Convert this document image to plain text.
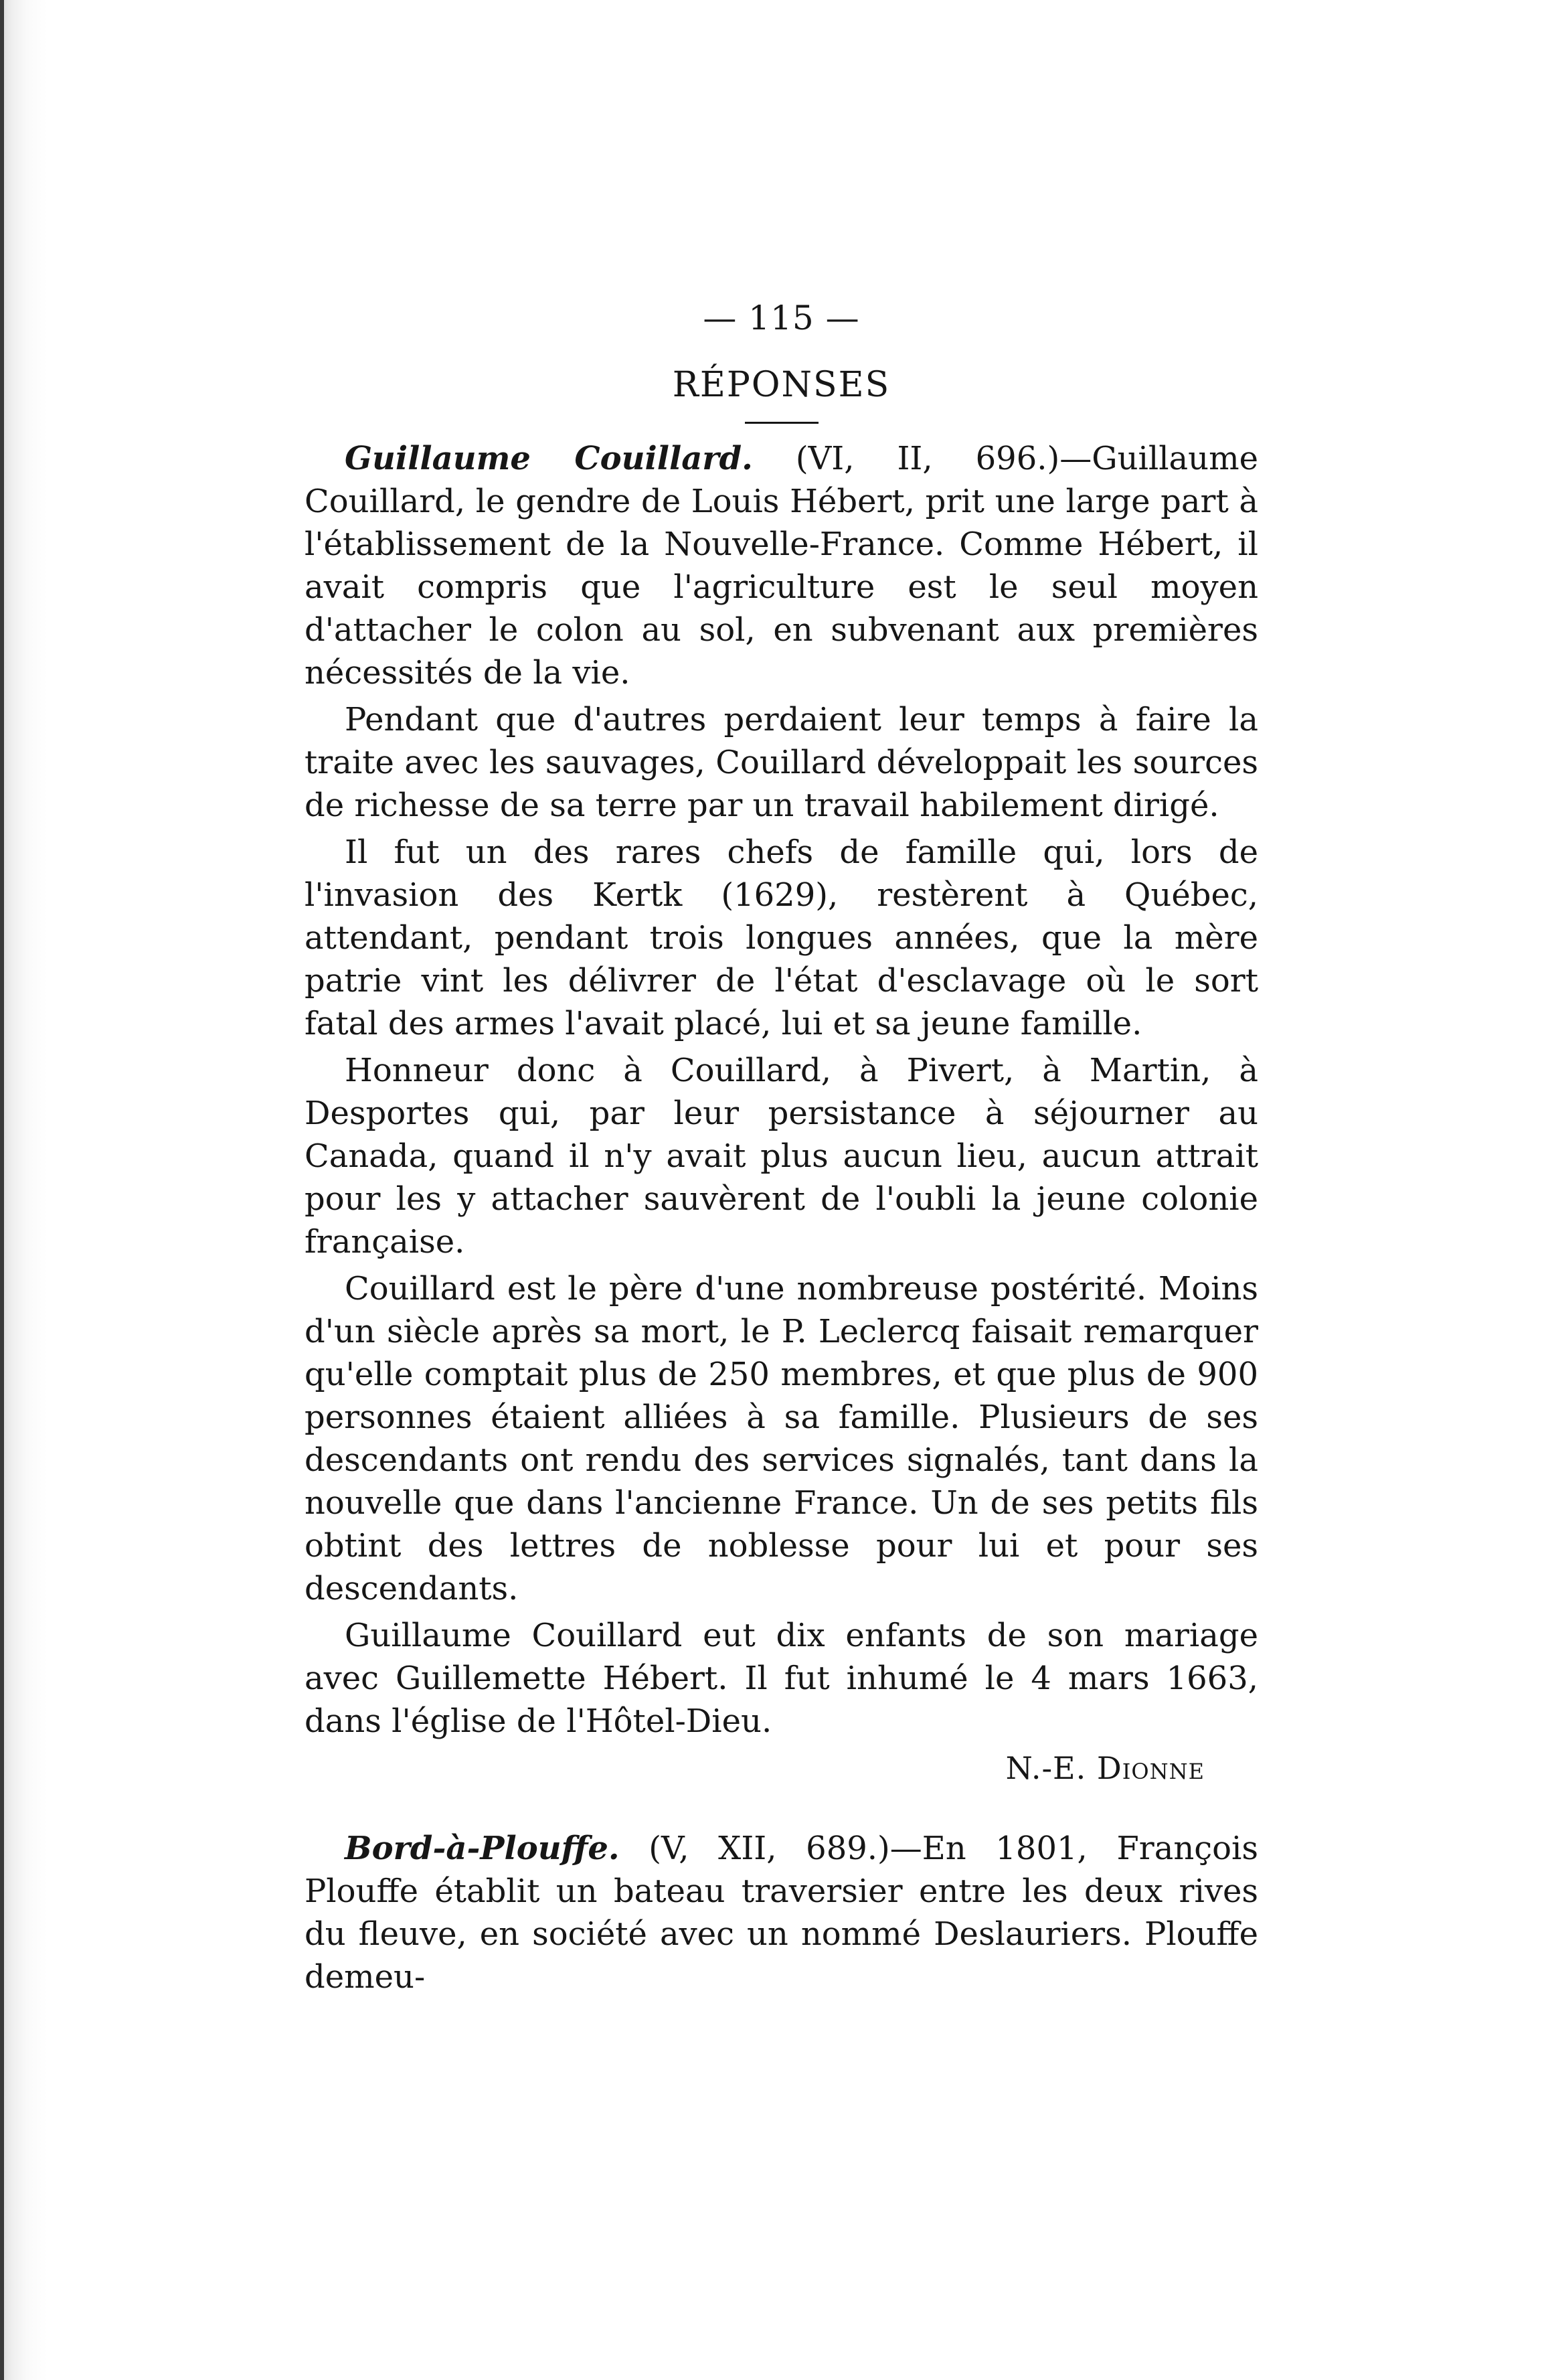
— 115 —
RÉPONSES

Guillaume Couillard. (VI, II, 696.)—Guillaume Couillard, le gendre de Louis Hébert, prit une large part à l'établissement de la Nouvelle-France. Comme Hébert, il avait compris que l'agriculture est le seul moyen d'attacher le colon au sol, en subvenant aux premières nécessités de la vie.

Pendant que d'autres perdaient leur temps à faire la traite avec les sauvages, Couillard développait les sources de richesse de sa terre par un travail habilement dirigé.

Il fut un des rares chefs de famille qui, lors de l'invasion des Kertk (1629), restèrent à Québec, attendant, pendant trois longues années, que la mère patrie vint les délivrer de l'état d'esclavage où le sort fatal des armes l'avait placé, lui et sa jeune famille.

Honneur donc à Couillard, à Pivert, à Martin, à Desportes qui, par leur persistance à séjourner au Canada, quand il n'y avait plus aucun lieu, aucun attrait pour les y attacher sauvèrent de l'oubli la jeune colonie française.

Couillard est le père d'une nombreuse postérité. Moins d'un siècle après sa mort, le P. Leclercq faisait remarquer qu'elle comptait plus de 250 membres, et que plus de 900 personnes étaient alliées à sa famille. Plusieurs de ses descendants ont rendu des services signalés, tant dans la nouvelle que dans l'ancienne France. Un de ses petits fils obtint des lettres de noblesse pour lui et pour ses descendants.

Guillaume Couillard eut dix enfants de son mariage avec Guillemette Hébert. Il fut inhumé le 4 mars 1663, dans l'église de l'Hôtel-Dieu.

N.-E. Dionne

Bord-à-Plouffe. (V, XII, 689.)—En 1801, François Plouffe établit un bateau traversier entre les deux rives du fleuve, en société avec un nommé Deslauriers. Plouffe demeu-
